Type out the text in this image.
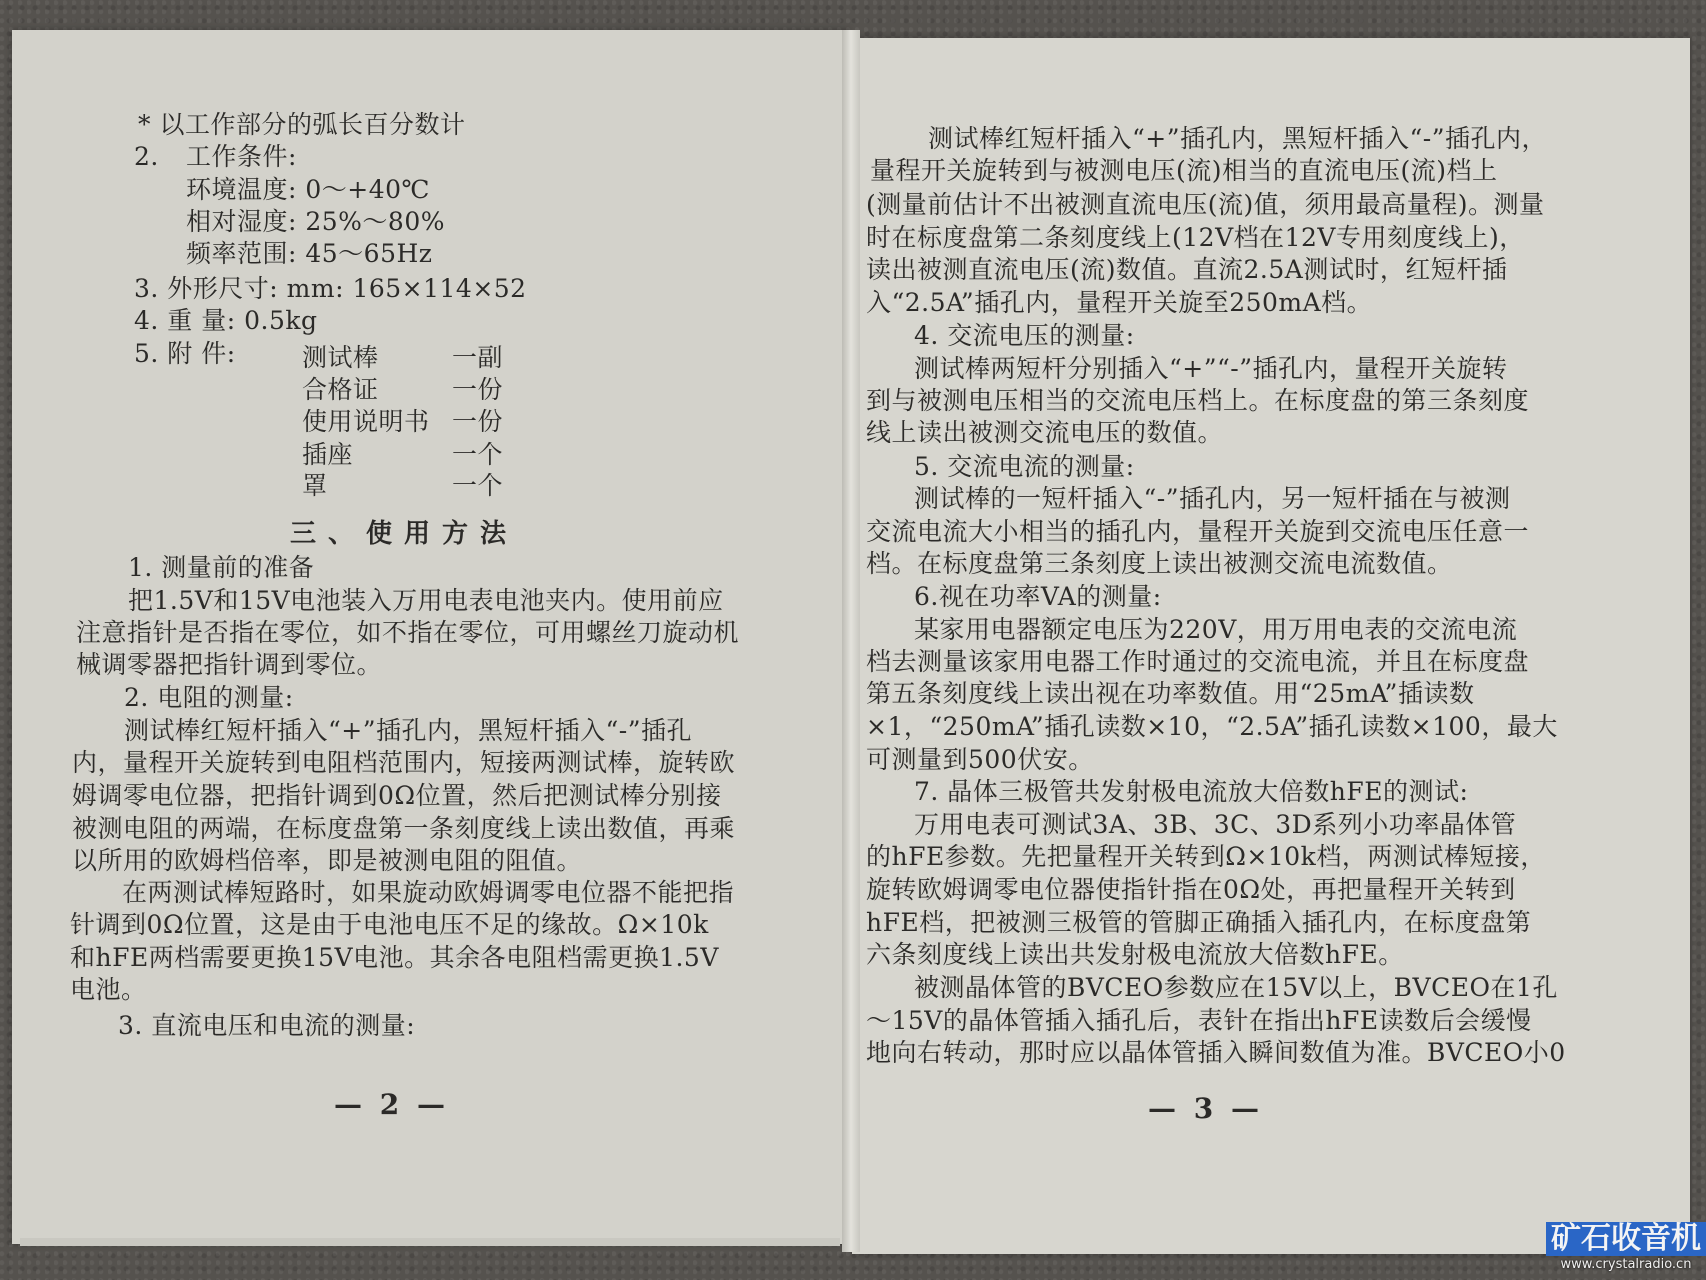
* 以工作部分的弧长百分数计
2. 工作条件:
环境温度: 0～+40℃
相对湿度: 25%～80%
频率范围: 45～65Hz
3. 外形尺寸: mm: 165×114×52
4. 重 量: 0.5kg
5. 附 件:	测试棒	一副
合格证	一份
使用说明书 一份
插座	一个
罩	一个
三、使用方法
1. 测量前的准备
把1.5V和15V电池装入万用电表电池夹内。使用前应
注意指针是否指在零位，如不指在零位，可用螺丝刀旋动机
械调零器把指针调到零位。
2. 电阻的测量:
测试棒红短杆插入“+”插孔内，黑短杆插入“-”插孔
内，量程开关旋转到电阻档范围内，短接两测试棒，旋转欧
姆调零电位器，把指针调到0Ω位置，然后把测试棒分别接
被测电阻的两端，在标度盘第一条刻度线上读出数值，再乘
以所用的欧姆档倍率，即是被测电阻的阻值。
在两测试棒短路时，如果旋动欧姆调零电位器不能把指
针调到0Ω位置，这是由于电池电压不足的缘故。Ω×10k
和hFE两档需要更换15V电池。其余各电阻档需更换1.5V
电池。
3. 直流电压和电流的测量:
— 2 —
测试棒红短杆插入“+”插孔内，黑短杆插入“-”插孔内，
量程开关旋转到与被测电压(流)相当的直流电压(流)档上
(测量前估计不出被测直流电压(流)值，须用最高量程)。测量
时在标度盘第二条刻度线上(12V档在12V专用刻度线上)，
读出被测直流电压(流)数值。直流2.5A测试时，红短杆插
入“2.5A”插孔内，量程开关旋至250mA档。
4. 交流电压的测量:
测试棒两短杆分别插入“+”“-”插孔内，量程开关旋转
到与被测电压相当的交流电压档上。在标度盘的第三条刻度
线上读出被测交流电压的数值。
5. 交流电流的测量:
测试棒的一短杆插入“-”插孔内，另一短杆插在与被测
交流电流大小相当的插孔内，量程开关旋到交流电压任意一
档。在标度盘第三条刻度上读出被测交流电流数值。
6.视在功率VA的测量:
某家用电器额定电压为220V，用万用电表的交流电流
档去测量该家用电器工作时通过的交流电流，并且在标度盘
第五条刻度线上读出视在功率数值。用“25mA”插读数
×1，“250mA”插孔读数×10，“2.5A”插孔读数×100，最大
可测量到500伏安。
7. 晶体三极管共发射极电流放大倍数hFE的测试:
万用电表可测试3A、3B、3C、3D系列小功率晶体管
的hFE参数。先把量程开关转到Ω×10k档，两测试棒短接，
旋转欧姆调零电位器使指针指在0Ω处，再把量程开关转到
hFE档，把被测三极管的管脚正确插入插孔内，在标度盘第
六条刻度线上读出共发射极电流放大倍数hFE。
被测晶体管的BVCEO参数应在15V以上，BVCEO在1孔
～15V的晶体管插入插孔后，表针在指出hFE读数后会缓慢
地向右转动，那时应以晶体管插入瞬间数值为准。BVCEO小0
— 3 —
矿石收音机
www.crystalradio.cn
